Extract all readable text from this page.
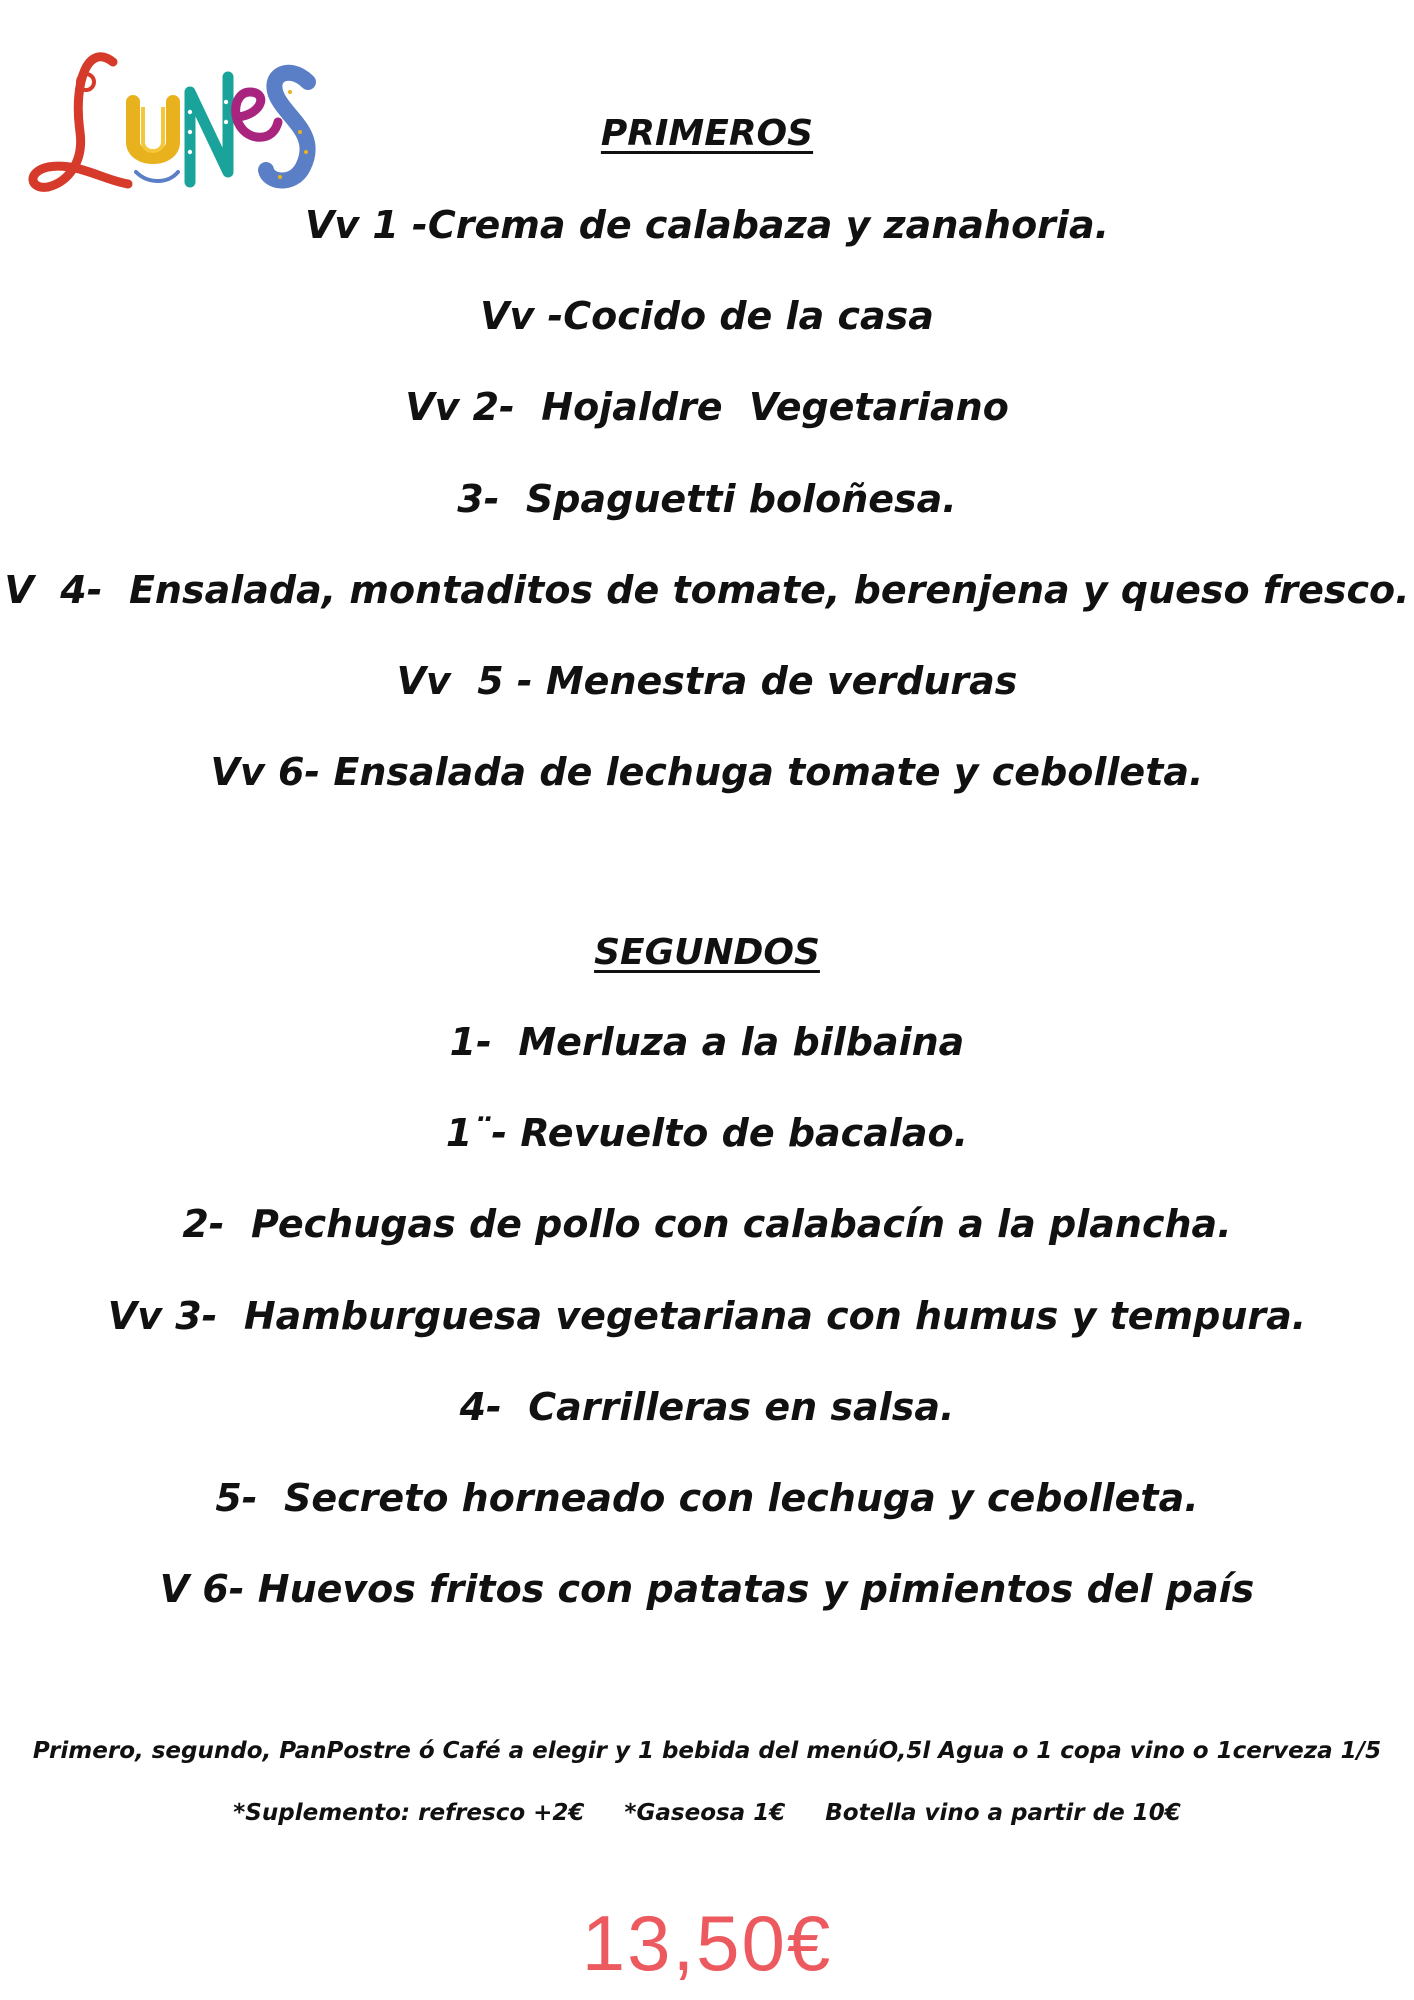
PRIMEROS
Vv 1 -Crema de calabaza y zanahoria.
Vv -Cocido de la casa
Vv 2-  Hojaldre  Vegetariano
3-  Spaguetti boloñesa.
V  4-  Ensalada, montaditos de tomate, berenjena y queso fresco.
Vv  5 - Menestra de verduras
Vv 6- Ensalada de lechuga tomate y cebolleta.
SEGUNDOS
1-  Merluza a la bilbaina
1¨- Revuelto de bacalao.
2-  Pechugas de pollo con calabacín a la plancha.
Vv 3-  Hamburguesa vegetariana con humus y tempura.
4-  Carrilleras en salsa.
5-  Secreto horneado con lechuga y cebolleta.
V 6- Huevos fritos con patatas y pimientos del país
Primero, segundo, PanPostre ó Café a elegir y 1 bebida del menúO,5l Agua o 1 copa vino o 1cerveza 1/5
*Suplemento: refresco +2€     *Gaseosa 1€     Botella vino a partir de 10€
13,50€
